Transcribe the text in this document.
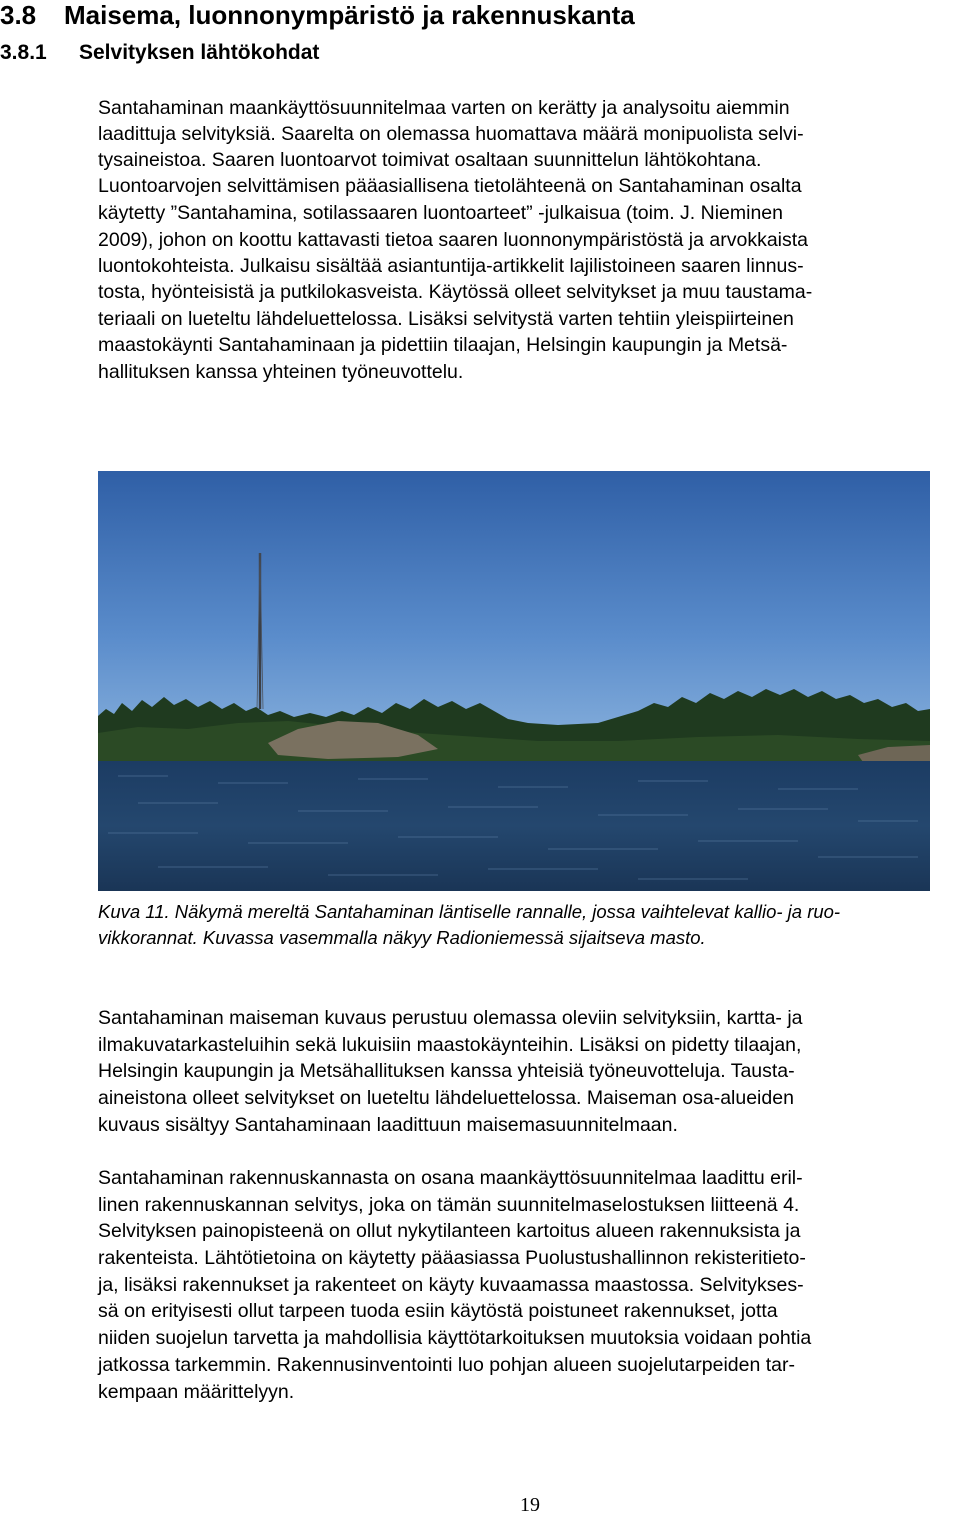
3.8 Maisema, luonnonympäristö ja rakennuskanta
3.8.1 Selvityksen lähtökohdat
Santahaminan maankäyttösuunnitelmaa varten on kerätty ja analysoitu aiemmin
laadittuja selvityksiä. Saarelta on olemassa huomattava määrä monipuolista selvi-
tysaineistoa. Saaren luontoarvot toimivat osaltaan suunnittelun lähtökohtana.
Luontoarvojen selvittämisen pääasiallisena tietolähteenä on Santahaminan osalta
käytetty ”Santahamina, sotilassaaren luontoarteet” -julkaisua (toim. J. Nieminen
2009), johon on koottu kattavasti tietoa saaren luonnonympäristöstä ja arvokkaista
luontokohteista. Julkaisu sisältää asiantuntija-artikkelit lajilistoineen saaren linnus-
tosta, hyönteisistä ja putkilokasveista. Käytössä olleet selvitykset ja muu taustama-
teriaali on lueteltu lähdeluettelossa. Lisäksi selvitystä varten tehtiin yleispiirteinen
maastokäynti Santahaminaan ja pidettiin tilaajan, Helsingin kaupungin ja Metsä-
hallituksen kanssa yhteinen työneuvottelu.
Kuva 11. Näkymä mereltä Santahaminan läntiselle rannalle, jossa vaihtelevat kallio- ja ruo-
vikkorannat. Kuvassa vasemmalla näkyy Radioniemessä sijaitseva masto.
Santahaminan maiseman kuvaus perustuu olemassa oleviin selvityksiin, kartta- ja
ilmakuvatarkasteluihin sekä lukuisiin maastokäynteihin. Lisäksi on pidetty tilaajan,
Helsingin kaupungin ja Metsähallituksen kanssa yhteisiä työneuvotteluja. Tausta-
aineistona olleet selvitykset on lueteltu lähdeluettelossa. Maiseman osa-alueiden
kuvaus sisältyy Santahaminaan laadittuun maisemasuunnitelmaan.
Santahaminan rakennuskannasta on osana maankäyttösuunnitelmaa laadittu eril-
linen rakennuskannan selvitys, joka on tämän suunnitelmaselostuksen liitteenä 4.
Selvityksen painopisteenä on ollut nykytilanteen kartoitus alueen rakennuksista ja
rakenteista. Lähtötietoina on käytetty pääasiassa Puolustushallinnon rekisteritieto-
ja, lisäksi rakennukset ja rakenteet on käyty kuvaamassa maastossa. Selvitykses-
sä on erityisesti ollut tarpeen tuoda esiin käytöstä poistuneet rakennukset, jotta
niiden suojelun tarvetta ja mahdollisia käyttötarkoituksen muutoksia voidaan pohtia
jatkossa tarkemmin. Rakennusinventointi luo pohjan alueen suojelutarpeiden tar-
kempaan määrittelyyn.
19
